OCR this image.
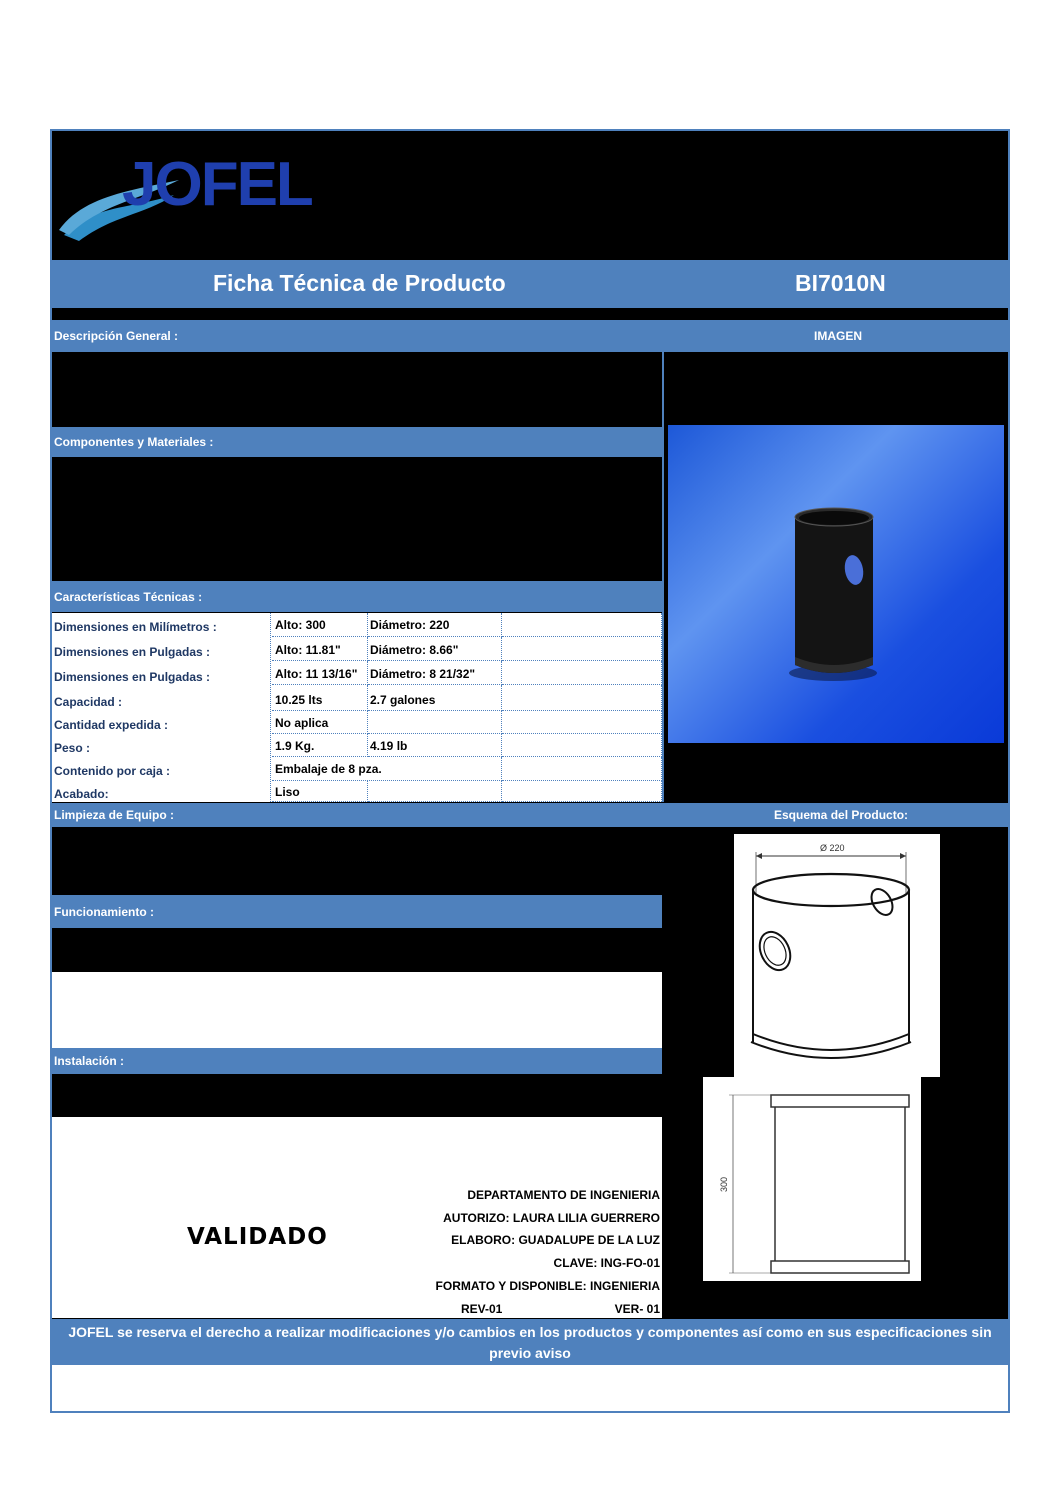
JOFEL
Ficha Técnica de Producto	BI7010N
Descripción General :	IMAGEN
Componentes y Materiales :
Características Técnicas :
Dimensiones en Milímetros :	Alto: 300	Diámetro: 220
Dimensiones en Pulgadas :	Alto: 11.81" Diámetro: 8.66"
Dimensiones en Pulgadas :	Alto: 11 13/16" Diámetro: 8 21/32"
Capacidad :	10.25 lts	2.7 galones
Cantidad expedida :	No aplica
Peso :	1.9 Kg.	4.19 lb
Contenido por caja :	Embalaje de 8 pza.
Acabado:	Liso
Limpieza de Equipo :	Esquema del Producto:
Ø 220
300
Funcionamiento :
Instalación :
VALIDADO
DEPARTAMENTO DE INGENIERIA
AUTORIZO: LAURA LILIA GUERRERO
ELABORO: GUADALUPE DE LA LUZ
CLAVE: ING-FO-01
FORMATO Y DISPONIBLE: INGENIERIA
REV-01	VER- 01
JOFEL se reserva el derecho a realizar modificaciones y/o cambios en los productos y componentes así como en sus especificaciones sin previo aviso
